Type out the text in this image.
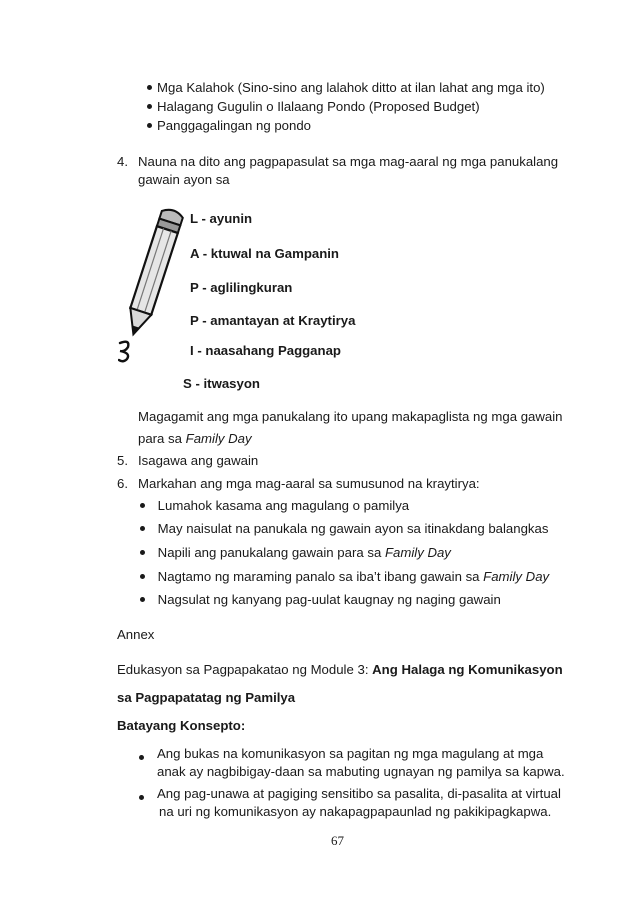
Mga Kalahok (Sino-sino ang lalahok ditto at ilan lahat ang mga ito)
Halagang Gugulin o Ilalaang Pondo (Proposed Budget)
Panggagalingan ng pondo
4. Nauna na dito ang pagpapasulat sa mga mag-aaral ng mga panukalang
gawain ayon sa
L - ayunin
A - ktuwal na Gampanin
P - aglilingkuran
P - amantayan at Kraytirya
I - naasahang Pagganap
S - itwasyon
Magagamit ang mga panukalang ito upang makapaglista ng mga gawain
para sa Family Day
5. Isagawa ang gawain
6. Markahan ang mga mag-aaral sa sumusunod na kraytirya:
Lumahok kasama ang magulang o pamilya
May naisulat na panukala ng gawain ayon sa itinakdang balangkas
Napili ang panukalang gawain para sa Family Day
Nagtamo ng maraming panalo sa iba’t ibang gawain sa Family Day
Nagsulat ng kanyang pag-uulat kaugnay ng naging gawain
Annex
Edukasyon sa Pagpapakatao ng Module 3: Ang Halaga ng Komunikasyon
sa Pagpapatatag ng Pamilya
Batayang Konsepto:
Ang bukas na komunikasyon sa pagitan ng mga magulang at mga
anak ay nagbibigay-daan sa mabuting ugnayan ng pamilya sa kapwa.
Ang pag-unawa at pagiging sensitibo sa pasalita, di-pasalita at virtual
na uri ng komunikasyon ay nakapagpapaunlad ng pakikipagkapwa.
67
